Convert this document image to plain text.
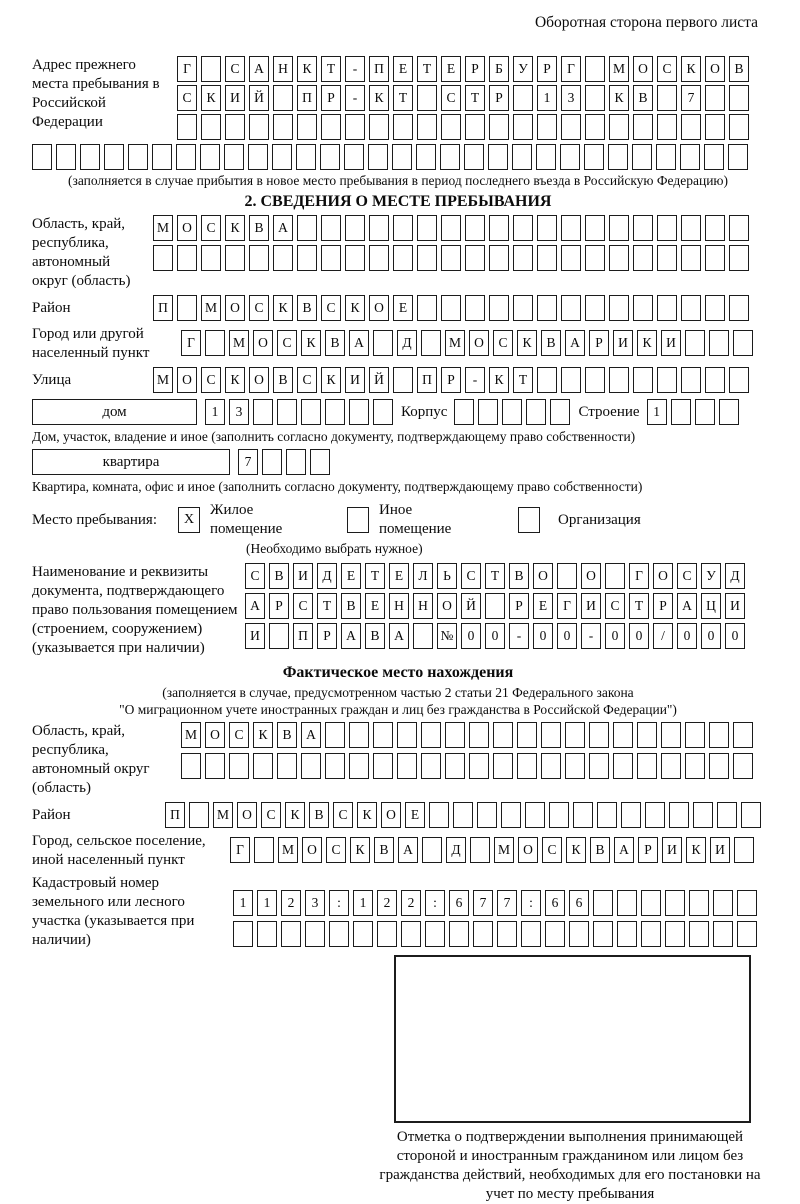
Оборотная сторона первого листа
Адрес прежнего места пребывания в Российской Федерации
Г	С	А	Н	К	Т	-	П	Е	Т	Е	Р	Б	У	Р	Г	М О	С	К	О	В
С	К	И	Й	П	Р	-	К	Т	С	Т	Р	1	3	К	В	7
(заполняется в случае прибытия в новое место пребывания в период последнего въезда в Российскую Федерацию)
2. СВЕДЕНИЯ О МЕСТЕ ПРЕБЫВАНИЯ
Область, край, республика, автономный округ (область)
М О	С	К	В	А
Район	П	М О	С	К	В	С	К	О	Е
Город или другой населенный пункт
Г	М О	С	К	В	А	Д	М О	С	К	В	А	Р	И	К	И
Улица	М О	С	К	О	В	С	К	И	Й	П	Р	-	К	Т
дом	1	3	Корпус	Строение	1
Дом, участок, владение и иное (заполнить согласно документу, подтверждающему право собственности)
квартира	7
Квартира, комната, офис и иное (заполнить согласно документу, подтверждающему право собственности)
Место пребывания:	X
Жилое помещение
Иное помещение
Организация
(Необходимо выбрать нужное)
Наименование и реквизиты документа, подтверждающего право пользования помещением (строением, сооружением) (указывается при наличии)
С	В	И	Д	Е	Т	Е	Л	Ь	С	Т	В	О	О	Г	О	С	У	Д
А	Р	С	Т	В	Е	Н	Н	О	Й	Р	Е	Г	И	С	Т	Р	А	Ц	И
И	П	Р	А	В	А	№	0	0	-	0	0	-	0	0	/	0	0	0
Фактическое место нахождения
(заполняется в случае, предусмотренном частью 2 статьи 21 Федерального закона
"О миграционном учете иностранных граждан и лиц без гражданства в Российской Федерации")
Область, край, республика, автономный округ (область)
М О	С	К	В	А
Район	П	М О	С	К	В	С	К	О	Е
Город, сельское поселение, иной населенный пункт
Г	М О	С	К	В	А	Д	М О	С	К	В	А	Р	И	К	И
Кадастровый номер земельного или лесного участка (указывается при наличии)
1	1	2	3	:	1	2	2	:	6	7	7	:	6	6
Отметка о подтверждении выполнения принимающей стороной и иностранным гражданином или лицом без гражданства действий, необходимых для его постановки на учет по месту пребывания
